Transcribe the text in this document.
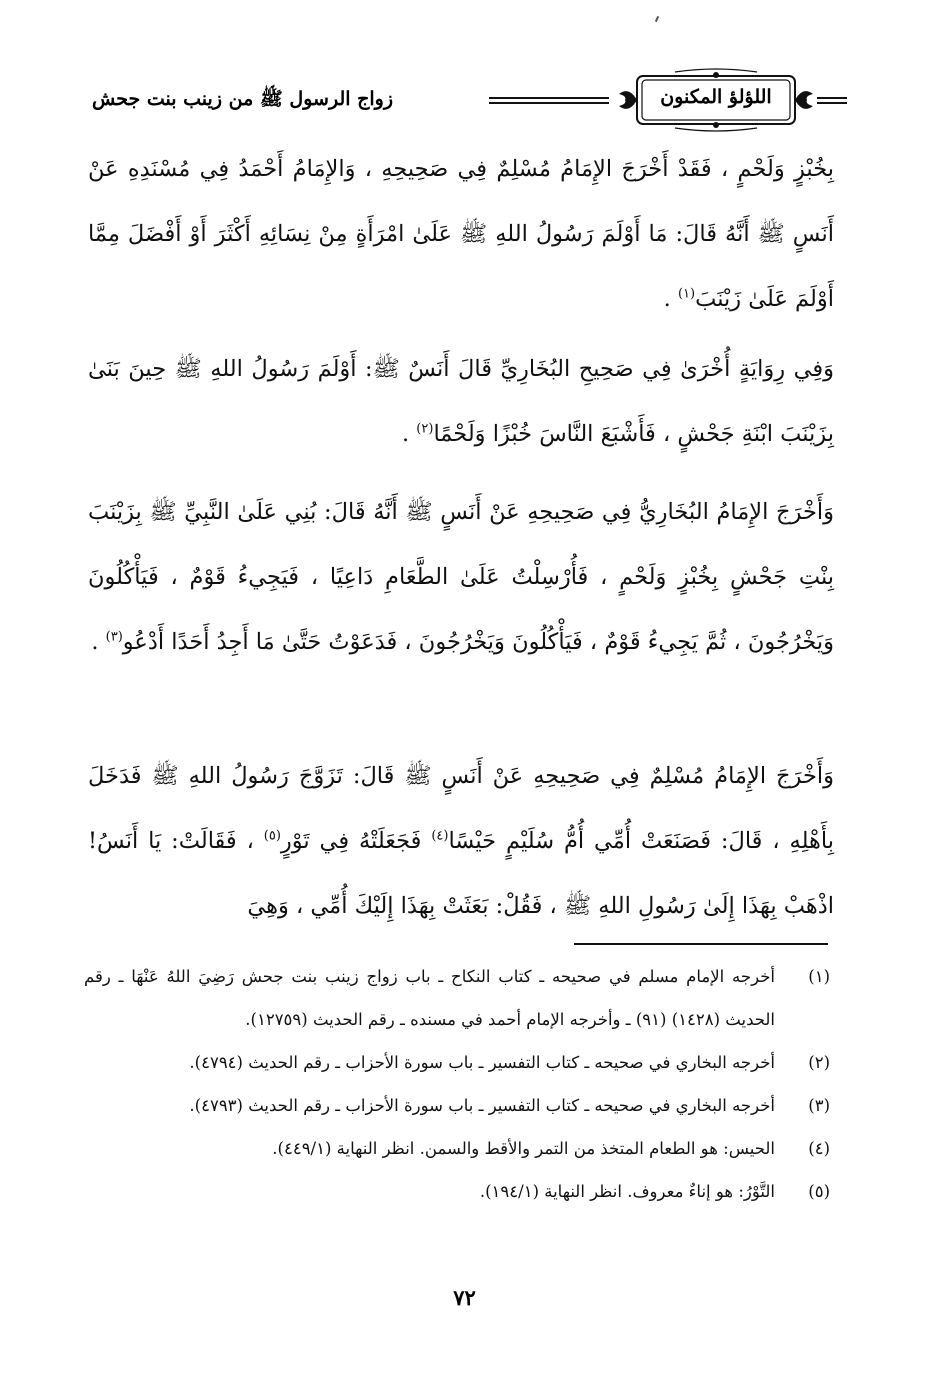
اللؤلؤ المكنون
زواج الرسول ﷺ من زينب بنت جحش

بِخُبْزٍ وَلَحْمٍ ، فَقَدْ أَخْرَجَ الإِمَامُ مُسْلِمٌ فِي صَحِيحِهِ ، وَالإِمَامُ أَحْمَدُ فِي مُسْنَدِهِ عَنْ أَنَسٍ ﷺ أَنَّهُ قَالَ: مَا أَوْلَمَ رَسُولُ اللهِ ﷺ عَلَىٰ امْرَأَةٍ مِنْ نِسَائِهِ أَكْثَرَ أَوْ أَفْضَلَ مِمَّا أَوْلَمَ عَلَىٰ زَيْنَبَ$^{(١)}$ .

وَفِي رِوَايَةٍ أُخْرَىٰ فِي صَحِيحِ البُخَارِيِّ قَالَ أَنَسٌ ﷺ: أَوْلَمَ رَسُولُ اللهِ ﷺ حِينَ بَنَىٰ بِزَيْنَبَ ابْنَةِ جَحْشٍ ، فَأَشْبَعَ النَّاسَ خُبْزًا وَلَحْمًا$^{(٢)}$ .

وَأَخْرَجَ الإِمَامُ البُخَارِيُّ فِي صَحِيحِهِ عَنْ أَنَسٍ ﷺ أَنَّهُ قَالَ: بُنِي عَلَىٰ النَّبِيِّ ﷺ بِزَيْنَبَ بِنْتِ جَحْشٍ بِخُبْزٍ وَلَحْمٍ ، فَأُرْسِلْتُ عَلَىٰ الطَّعَامِ دَاعِيًا ، فَيَجِيءُ قَوْمٌ ، فَيَأْكُلُونَ وَيَخْرُجُونَ ، ثُمَّ يَجِيءُ قَوْمٌ ، فَيَأْكُلُونَ وَيَخْرُجُونَ ، فَدَعَوْتُ حَتَّىٰ مَا أَجِدُ أَحَدًا أَدْعُو$^{(٣)}$ .

وَأَخْرَجَ الإِمَامُ مُسْلِمٌ فِي صَحِيحِهِ عَنْ أَنَسٍ ﷺ قَالَ: تَزَوَّجَ رَسُولُ اللهِ ﷺ فَدَخَلَ بِأَهْلِهِ ، قَالَ: فَصَنَعَتْ أُمِّي أُمُّ سُلَيْمٍ حَيْسًا$^{(٤)}$ فَجَعَلَتْهُ فِي تَوْرٍ$^{(٥)}$ ، فَقَالَتْ: يَا أَنَسُ! اذْهَبْ بِهَذَا إِلَىٰ رَسُولِ اللهِ ﷺ ، فَقُلْ: بَعَثَتْ بِهَذَا إِلَيْكَ أُمِّي ، وَهِيَ

(١)
أخرجه الإمام مسلم في صحيحه ـ كتاب النكاح ـ باب زواج زينب بنت جحش رَضِيَ اللهُ عَنْهَا ـ رقم الحديث (١٤٢٨) (٩١) ـ وأخرجه الإمام أحمد في مسنده ـ رقم الحديث (١٢٧٥٩).

(٢)
أخرجه البخاري في صحيحه ـ كتاب التفسير ـ باب سورة الأحزاب ـ رقم الحديث (٤٧٩٤).

(٣)
أخرجه البخاري في صحيحه ـ كتاب التفسير ـ باب سورة الأحزاب ـ رقم الحديث (٤٧٩٣).

(٤)
الحيس: هو الطعام المتخذ من التمر والأقط والسمن. انظر النهاية (٤٤٩/١).

(٥)
التَّوْرُ: هو إناءٌ معروف. انظر النهاية (١٩٤/١).

٧٢
